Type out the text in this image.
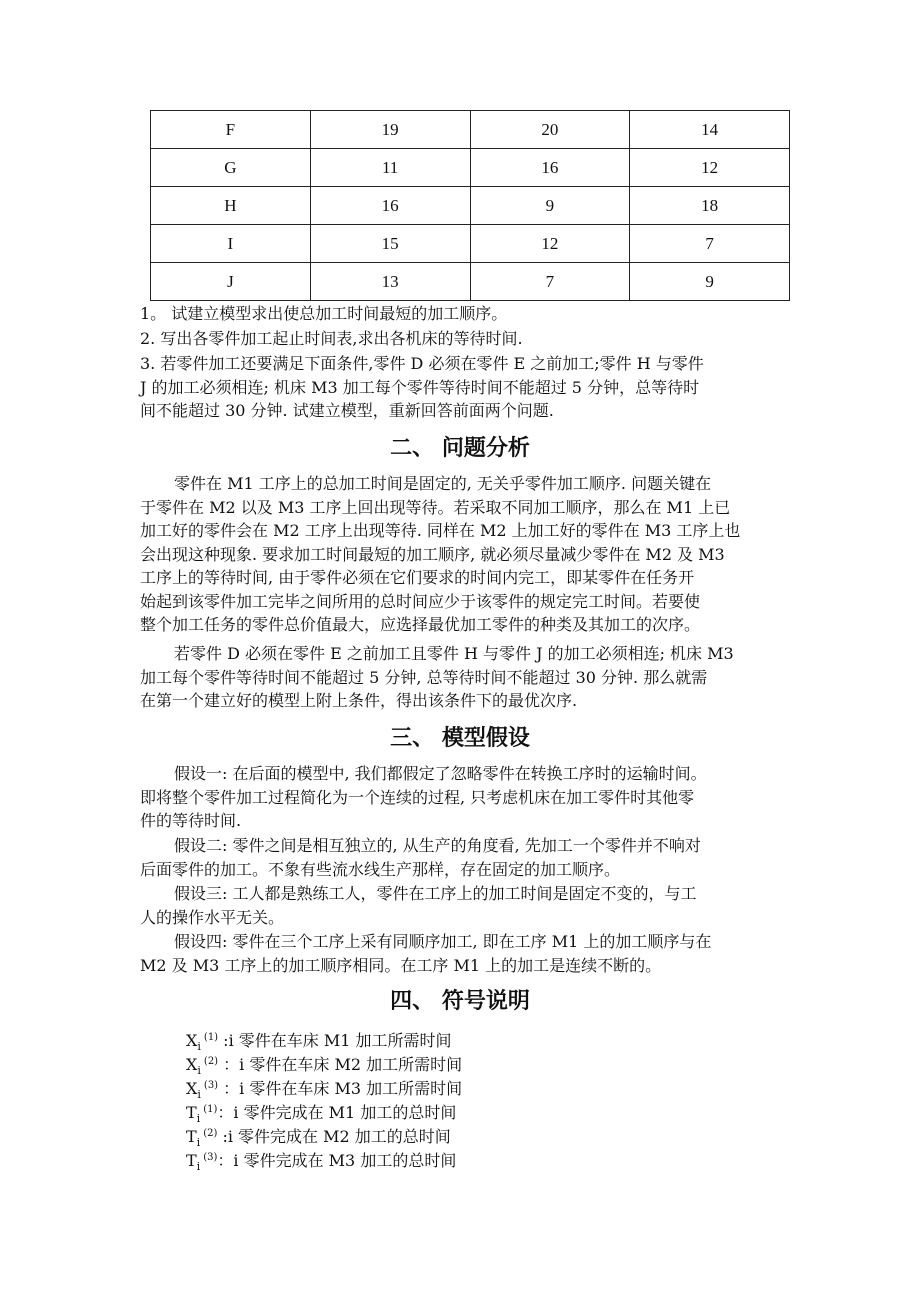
F	19	20	14
G	11	16	12
H	16	9	18
I	15	12	7
J	13	7	9
1。 试建立模型求出使总加工时间最短的加工顺序。
2. 写出各零件加工起止时间表,求出各机床的等待时间.
3. 若零件加工还要满足下面条件,零件 D 必须在零件 E 之前加工;零件 H 与零件
J 的加工必须相连; 机床 M3 加工每个零件等待时间不能超过 5 分钟，总等待时
间不能超过 30 分钟. 试建立模型，重新回答前面两个问题.
二、 问题分析
零件在 M1 工序上的总加工时间是固定的, 无关乎零件加工顺序. 问题关键在
于零件在 M2 以及 M3 工序上回出现等待。若采取不同加工顺序，那么在 M1 上已
加工好的零件会在 M2 工序上出现等待. 同样在 M2 上加工好的零件在 M3 工序上也
会出现这种现象. 要求加工时间最短的加工顺序, 就必须尽量减少零件在 M2 及 M3
工序上的等待时间, 由于零件必须在它们要求的时间内完工，即某零件在任务开
始起到该零件加工完毕之间所用的总时间应少于该零件的规定完工时间。若要使
整个加工任务的零件总价值最大，应选择最优加工零件的种类及其加工的次序。
若零件 D 必须在零件 E 之前加工且零件 H 与零件 J 的加工必须相连; 机床 M3
加工每个零件等待时间不能超过 5 分钟, 总等待时间不能超过 30 分钟. 那么就需
在第一个建立好的模型上附上条件，得出该条件下的最优次序.
三、 模型假设
假设一: 在后面的模型中, 我们都假定了忽略零件在转换工序时的运输时间。
即将整个零件加工过程简化为一个连续的过程, 只考虑机床在加工零件时其他零
件的等待时间.
假设二: 零件之间是相互独立的, 从生产的角度看, 先加工一个零件并不响对
后面零件的加工。不象有些流水线生产那样，存在固定的加工顺序。
假设三: 工人都是熟练工人，零件在工序上的加工时间是固定不变的，与工
人的操作水平无关。
假设四: 零件在三个工序上采有同顺序加工, 即在工序 M1 上的加工顺序与在
M2 及 M3 工序上的加工顺序相同。在工序 M1 上的加工是连续不断的。
四、 符号说明
$X_i^{(1)}$ :i 零件在车床 M1 加工所需时间
$X_i^{(2)}$ ：i 零件在车床 M2 加工所需时间
$X_i^{(3)}$ ：i 零件在车床 M3 加工所需时间
$T_i^{(1)}$：i 零件完成在 M1 加工的总时间
$T_i^{(2)}$ :i 零件完成在 M2 加工的总时间
$T_i^{(3)}$：i 零件完成在 M3 加工的总时间
